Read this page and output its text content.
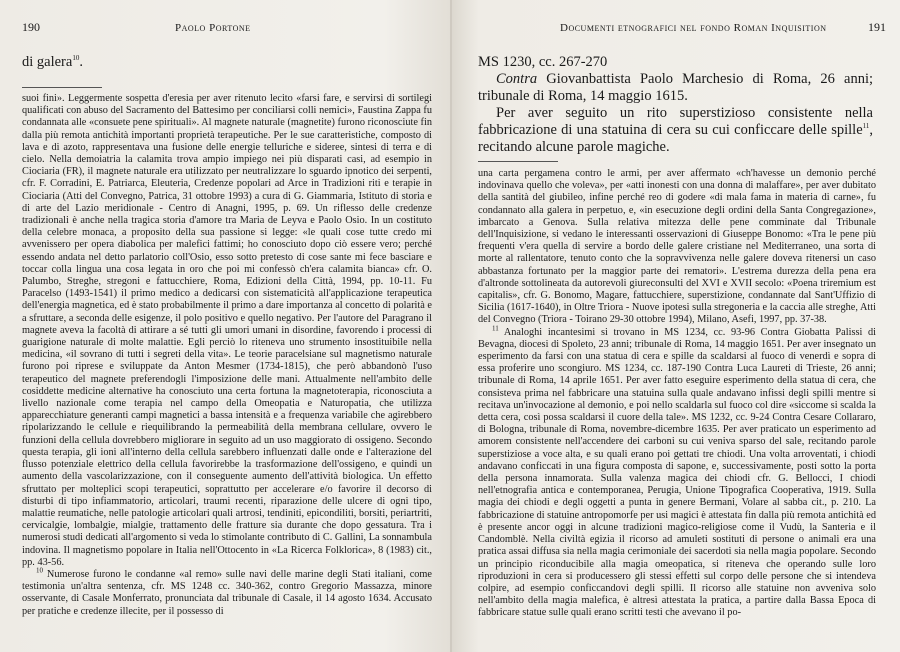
190	Paolo Portone
di galera$^{10}$.

suoi fini». Leggermente sospetta d'eresia per aver ritenuto lecito «farsi fare, e servirsi di sortilegi qualificati con abuso del Sacramento del Battesimo per conciliarsi colli nemici», Faustina Zappa fu condannata alle «consuete pene spirituali». Al magnete naturale (magnetite) furono riconosciute fin dalla più remota antichità importanti proprietà terapeutiche. Per le sue caratteristiche, composto di lava e di azoto, rappresentava una fusione delle energie telluriche e sideree, sintesi di terra e di cielo. Nella demoiatria la calamita trova ampio impiego nei più disparati casi, ad esempio in Ciociaria (FR), il magnete naturale era utilizzato per neutralizzare lo sguardo ipnotico dei serpenti, cfr. F. Corradini, E. Patriarca, Eleuteria, Credenze popolari ad Arce in Tradizioni riti e terapie in Ciociaria (Atti del Convegno, Patrica, 31 ottobre 1993) a cura di G. Giammaria, Istituto di storia e di arte del Lazio meridionale - Centro di Anagni, 1995, p. 69. Un riflesso delle credenze tradizionali è anche nella tragica storia d'amore tra Maria de Leyva e Paolo Osio. In un costituto della celebre monaca, a proposito della sua passione si legge: «le quali cose tutte credo mi avvenissero per opera diabolica per malefici fattimi; ho conosciuto dopo ciò essere vero; perché essendo andata nel detto parlatorio coll'Osio, esso sotto pretesto di cose sante mi fece basciare e toccar colla lingua una cosa legata in oro che poi mi confessò ch'era calamita bianca» cfr. O. Palumbo, Streghe, stregoni e fattucchiere, Roma, Edizioni della Città, 1994, pp. 10-11. Fu Paracelso (1493-1541) il primo medico a dedicarsi con sistematicità all'applicazione terapeutica dell'energia magnetica, ed è stato probabilmente il primo a dare importanza al concetto di polarità e a sfruttare, a seconda delle esigenze, il polo positivo e quello negativo. Per l'autore del Paragrano il magnete aveva la facoltà di attirare a sé tutti gli umori umani in disordine, favorendo i processi di guarigione naturale di molte malattie. Egli perciò lo riteneva uno strumento insostituibile nella medicina, «il sovrano di tutti i segreti della vita». Le teorie paracelsiane sul magnetismo naturale furono poi riprese e sviluppate da Anton Mesmer (1734-1815), che però abbandonò l'uso terapeutico del magnete preferendogli l'imposizione delle mani. Attualmente nell'ambito delle cosiddette medicine alternative ha conosciuto una certa fortuna la magnetoterapia, riconosciuta a livello nazionale come terapia nel campo della Omeopatia e Naturopatia, che utilizza apparecchiature generanti campi magnetici a bassa intensità e a frequenza variabile che agirebbero ripolarizzando le cellule e riequilibrando la permeabilità della membrana cellulare, ovvero le funzioni della cellula dovrebbero migliorare in seguito ad un uso maggiorato di ossigeno. Secondo questa terapia, gli ioni all'interno della cellula sarebbero influenzati dalle onde e l'alterazione del flusso potenziale elettrico della cellula favorirebbe la trasformazione dell'ossigeno, e quindi un aumento della vascolarizzazione, con il conseguente aumento dell'attività biologica. Un effetto sfruttato per molteplici scopi terapeutici, soprattutto per accelerare e/o favorire il decorso di disturbi di tipo infiammatorio, articolari, traumi recenti, riparazione delle ulcere di ogni tipo, malattie reumatiche, nelle patologie articolari quali artrosi, tendiniti, epicondiliti, borsiti, periartriti, cervicalgie, lombalgie, mialgie, trattamento delle fratture sia durante che dopo gessatura. Tra i numerosi studi dedicati all'argomento si veda lo stimolante contributo di C. Gallini, La sonnambula indovina. Il magnetismo popolare in Italia nell'Ottocento in «La Ricerca Folklorica», 8 (1983) cit., pp. 43-56.

$^{10}$ Numerose furono le condanne «al remo» sulle navi delle marine degli Stati italiani, come testimonia un'altra sentenza, cfr. MS 1248 cc. 340-362, contro Gregorio Massazza, minore osservante, di Casale Monferrato, pronunciata dal tribunale di Casale, il 14 agosto 1634. Accusato per pratiche e credenze illecite, per il possesso di

Documenti etnografici nel fondo Roman Inquisition	191

MS 1230, cc. 267-270

Contra Giovanbattista Paolo Marchesio di Roma, 26 anni; tribunale di Roma, 14 maggio 1615.

Per aver seguito un rito superstizioso consistente nella fabbricazione di una statuina di cera su cui conficcare delle spille$^{11}$, recitando alcune parole magiche.

una carta pergamena contro le armi, per aver affermato «ch'havesse un demonio perché indovinava quello che voleva», per «atti inonesti con una donna di malaffare», per aver dubitato della santità del giubileo, infine perché reo di godere «di mala fama in materia di carne», fu condannato alla galera in perpetuo, e, «in esecuzione degli ordini della Santa Congregazione», imbarcato a Genova. Sulla relativa mitezza delle pene comminate dal Tribunale dell'Inquisizione, si vedano le interessanti osservazioni di Giuseppe Bonomo: «Tra le pene più frequenti v'era quella di servire a bordo delle galere cristiane nel Mediterraneo, una sorta di morte al rallentatore, tenuto conto che la sopravvivenza nelle galere doveva ritenersi un caso abbastanza fortunato per la maggior parte dei rematori». L'estrema durezza della pena era d'altronde sottolineata da autorevoli giureconsulti del XVI e XVII secolo: «Poena triremium est capitalis», cfr. G. Bonomo, Magare, fattucchiere, superstizione, condannate dal Sant'Uffizio di Sicilia (1617-1640), in Oltre Triora - Nuove ipotesi sulla stregoneria e la caccia alle streghe, Atti del Convegno (Triora - Toirano 29-30 ottobre 1994), Milano, Asefi, 1997, pp. 37-38.

$^{11}$ Analoghi incantesimi si trovano in MS 1234, cc. 93-96 Contra Giobatta Palissi di Bevagna, diocesi di Spoleto, 23 anni; tribunale di Roma, 14 maggio 1651. Per aver insegnato un esperimento da farsi con una statua di cera e spille da scaldarsi al fuoco di venerdì e sopra di essa proferire uno scongiuro. MS 1234, cc. 187-190 Contra Luca Laureti di Trieste, 26 anni; tribunale di Roma, 14 aprile 1651. Per aver fatto eseguire esperimento della statua di cera, che consisteva prima nel fabbricare una statuina sulla quale andavano infissi degli spilli mentre si recitava un'invocazione al demonio, e poi nello scaldarla sul fuoco col dire «siccome si scalda la detta cera, così possa scaldarsi il cuore della tale». MS 1232, cc. 9-24 Contra Cesare Collararo, di Bologna, tribunale di Roma, novembre-dicembre 1635. Per aver praticato un esperimento ad amorem consistente nell'accendere dei carboni su cui veniva sparso del sale, recitando parole superstiziose a voce alta, e su quali erano poi gettati tre chiodi. Una volta arroventati, i chiodi andavano conficcati in una figura composta di sapone, e, successivamente, posti sotto la porta della persona innamorata. Sulla valenza magica dei chiodi cfr. G. Bellocci, I chiodi nell'etnografia antica e contemporanea, Perugia, Unione Tipografica Cooperativa, 1919. Sulla magia dei chiodi e degli oggetti a punta in genere Bermani, Volare al sabba cit., p. 210. La fabbricazione di statuine antropomorfe per usi magici è attestata fin dalla più remota antichità ed è presente ancor oggi in alcune tradizioni magico-religiose come il Vudù, la Santeria e il Candomblè. Nella civiltà egizia il ricorso ad amuleti sostituti di persone o animali era una pratica assai diffusa sia nella magia cerimoniale dei sacerdoti sia nella magia popolare. Secondo un principio riconducibile alla magia omeopatica, si riteneva che operando sulle loro riproduzioni in cera si producessero gli stessi effetti sul corpo delle persone che si intendeva colpire, ad esempio conficcandovi degli spilli. Il ricorso alle statuine non avveniva solo nell'ambito della magia malefica, è altresì attestata la pratica, a partire dalla Bassa Epoca di fabbricare statue sulle quali erano scritti testi che avevano il po-
